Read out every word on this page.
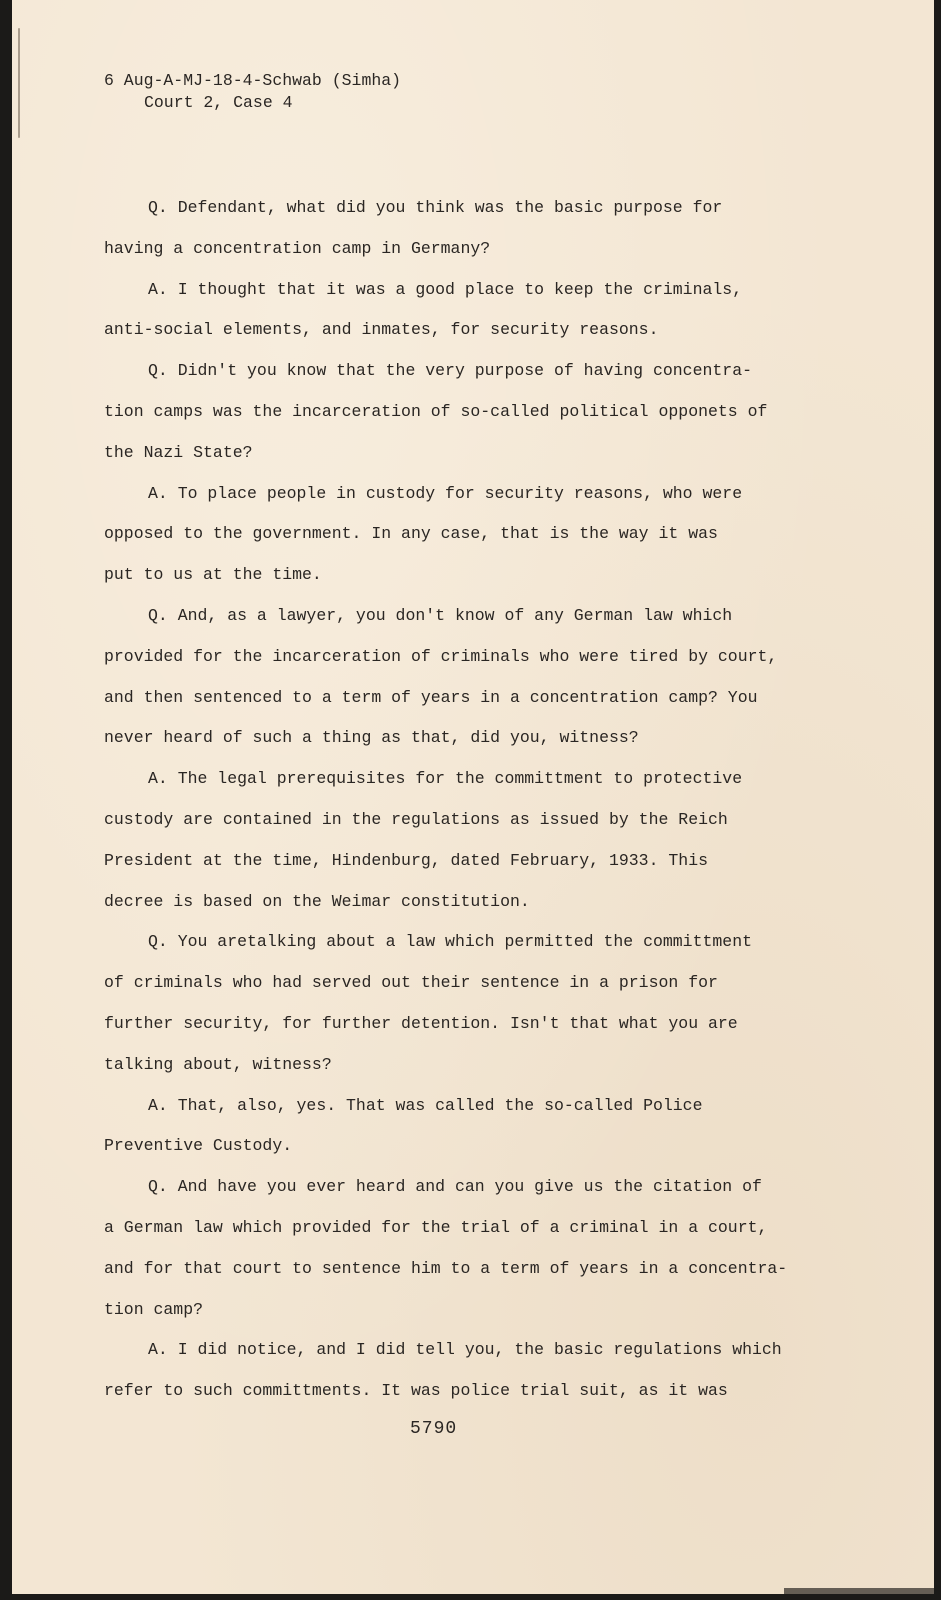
6 Aug-A-MJ-18-4-Schwab (Simha)
Court 2, Case 4
Q. Defendant, what did you think was the basic purpose for
having a concentration camp in Germany?
A. I thought that it was a good place to keep the criminals,
anti-social elements, and inmates, for security reasons.
Q. Didn't you know that the very purpose of having concentra-
tion camps was the incarceration of so-called political opponets of
the Nazi State?
A. To place people in custody for security reasons, who were
opposed to the government. In any case, that is the way it was
put to us at the time.
Q. And, as a lawyer, you don't know of any German law which
provided for the incarceration of criminals who were tired by court,
and then sentenced to a term of years in a concentration camp? You
never heard of such a thing as that, did you, witness?
A. The legal prerequisites for the committment to protective
custody are contained in the regulations as issued by the Reich
President at the time, Hindenburg, dated February, 1933. This
decree is based on the Weimar constitution.
Q. You aretalking about a law which permitted the committment
of criminals who had served out their sentence in a prison for
further security, for further detention. Isn't that what you are
talking about, witness?
A. That, also, yes. That was called the so-called Police
Preventive Custody.
Q. And have you ever heard and can you give us the citation of
a German law which provided for the trial of a criminal in a court,
and for that court to sentence him to a term of years in a concentra-
tion camp?
A. I did notice, and I did tell you, the basic regulations which
refer to such committments. It was police trial suit, as it was
5790
